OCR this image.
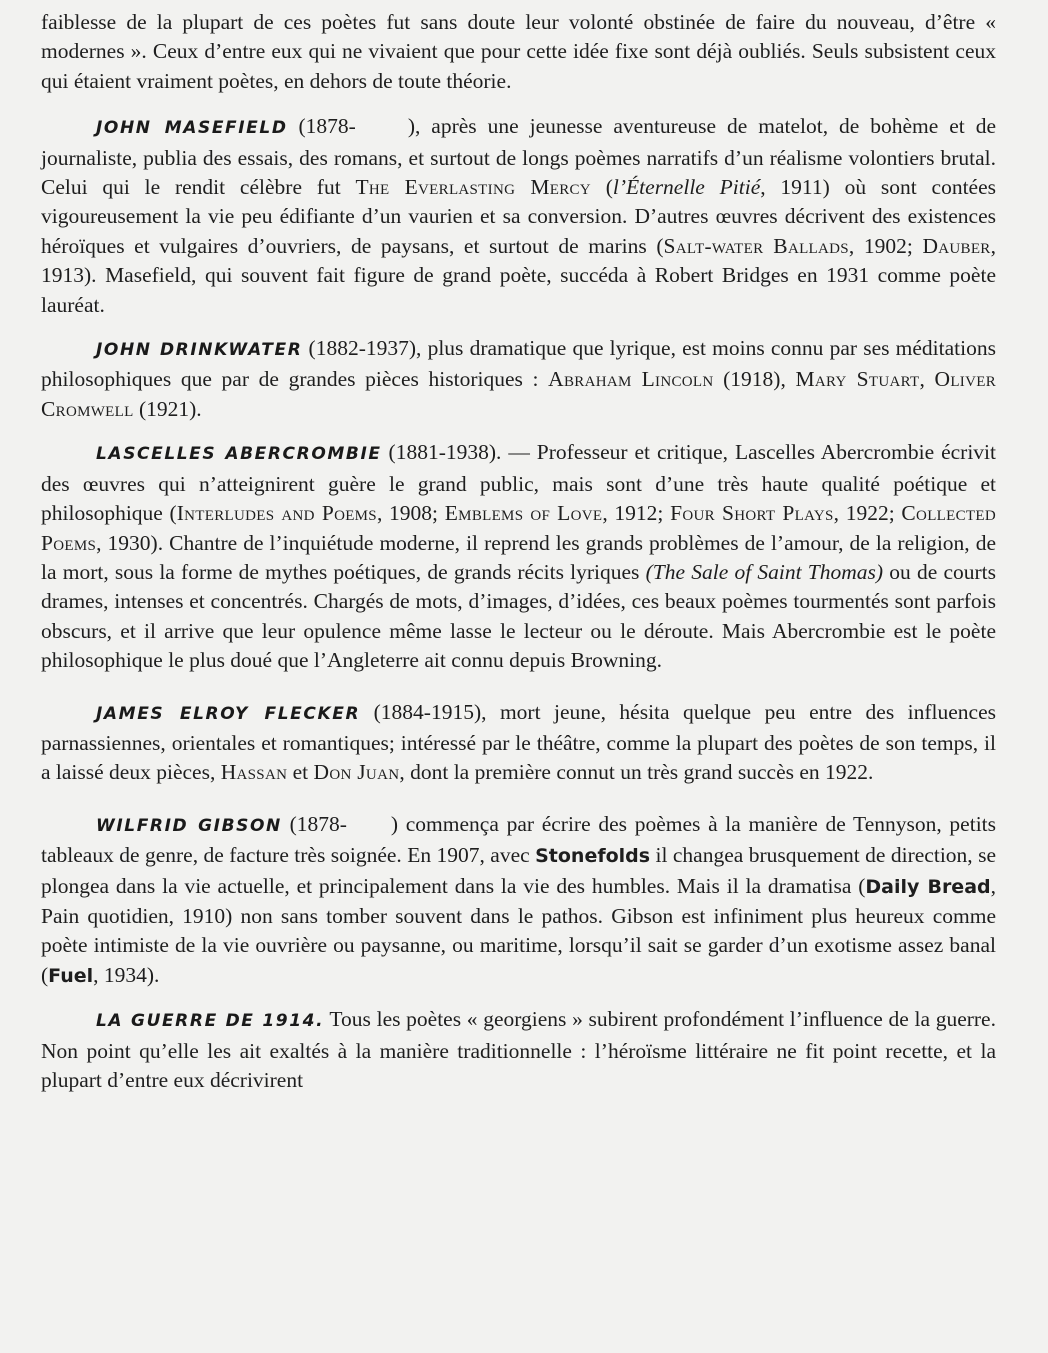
faiblesse de la plupart de ces poètes fut sans doute leur volonté obstinée de faire du nouveau, d’être « modernes ». Ceux d’entre eux qui ne vivaient que pour cette idée fixe sont déjà oubliés. Seuls subsistent ceux qui étaient vraiment poètes, en dehors de toute théorie.

JOHN MASEFIELD (1878- ), après une jeunesse aventureuse de matelot, de bohème et de journaliste, publia des essais, des romans, et surtout de longs poèmes narratifs d’un réalisme volontiers brutal. Celui qui le rendit célèbre fut The Everlasting Mercy (l’Éternelle Pitié, 1911) où sont contées vigoureusement la vie peu édifiante d’un vaurien et sa conversion. D’autres œuvres décrivent des existences héroïques et vulgaires d’ouvriers, de paysans, et surtout de marins (Salt-water Ballads, 1902; Dauber, 1913). Masefield, qui souvent fait figure de grand poète, succéda à Robert Bridges en 1931 comme poète lauréat.

JOHN DRINKWATER (1882-1937), plus dramatique que lyrique, est moins connu par ses méditations philosophiques que par de grandes pièces historiques : Abraham Lincoln (1918), Mary Stuart, Oliver Cromwell (1921).

LASCELLES ABERCROMBIE (1881-1938). — Professeur et critique, Lascelles Abercrombie écrivit des œuvres qui n’atteignirent guère le grand public, mais sont d’une très haute qualité poétique et philosophique (Interludes and Poems, 1908; Emblems of Love, 1912; Four Short Plays, 1922; Collected Poems, 1930). Chantre de l’inquiétude moderne, il reprend les grands problèmes de l’amour, de la religion, de la mort, sous la forme de mythes poétiques, de grands récits lyriques (The Sale of Saint Thomas) ou de courts drames, intenses et concentrés. Chargés de mots, d’images, d’idées, ces beaux poèmes tourmentés sont parfois obscurs, et il arrive que leur opulence même lasse le lecteur ou le déroute. Mais Abercrombie est le poète philosophique le plus doué que l’Angleterre ait connu depuis Browning.

JAMES ELROY FLECKER (1884-1915), mort jeune, hésita quelque peu entre des influences parnassiennes, orientales et romantiques; intéressé par le théâtre, comme la plupart des poètes de son temps, il a laissé deux pièces, Hassan et Don Juan, dont la première connut un très grand succès en 1922.

WILFRID GIBSON (1878- ) commença par écrire des poèmes à la manière de Tennyson, petits tableaux de genre, de facture très soignée. En 1907, avec Stonefolds il changea brusquement de direction, se plongea dans la vie actuelle, et principalement dans la vie des humbles. Mais il la dramatisa (Daily Bread, Pain quotidien, 1910) non sans tomber souvent dans le pathos. Gibson est infiniment plus heureux comme poète intimiste de la vie ouvrière ou paysanne, ou maritime, lorsqu’il sait se garder d’un exotisme assez banal (Fuel, 1934).

LA GUERRE DE 1914. Tous les poètes « georgiens » subirent profondément l’influence de la guerre. Non point qu’elle les ait exaltés à la manière traditionnelle : l’héroïsme littéraire ne fit point recette, et la plupart d’entre eux décrivirent
